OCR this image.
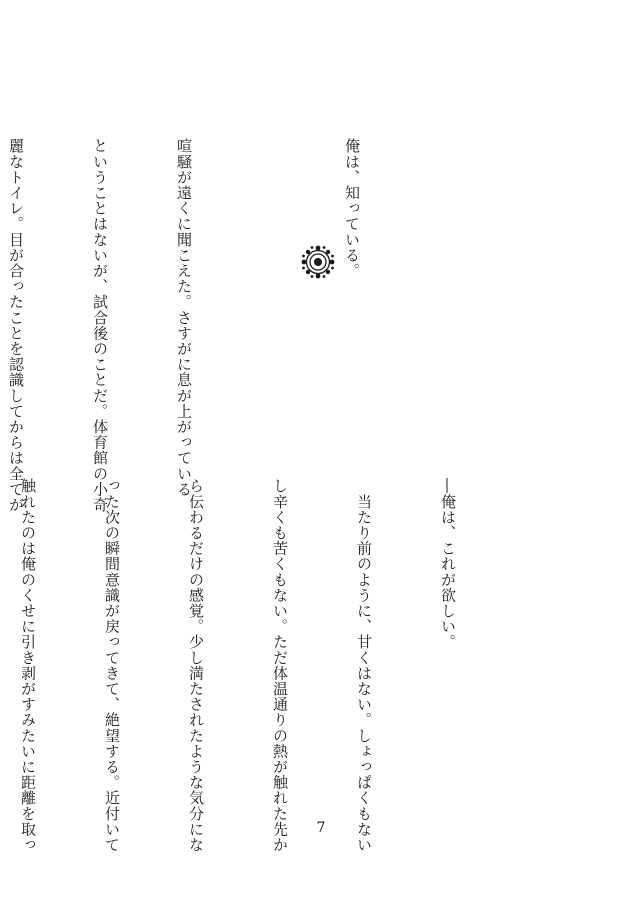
俺は、知っている。

喧騒が遠くに聞こえた。さすがに息が上がっている

ということはないが、試合後のことだ。体育館の小奇

麗なトイレ。目が合ったことを認識してからは全てが

―俺は、これが欲しい。

　当たり前のように、甘くはない。しょっぱくもない

し辛くも苦くもない。ただ体温通りの熱が触れた先か

ら伝わるだけの感覚。少し満たされたような気分にな

った次の瞬間意識が戻ってきて、絶望する。近付いて

触れたのは俺のくせに引き剥がすみたいに距離を取っ

	7
